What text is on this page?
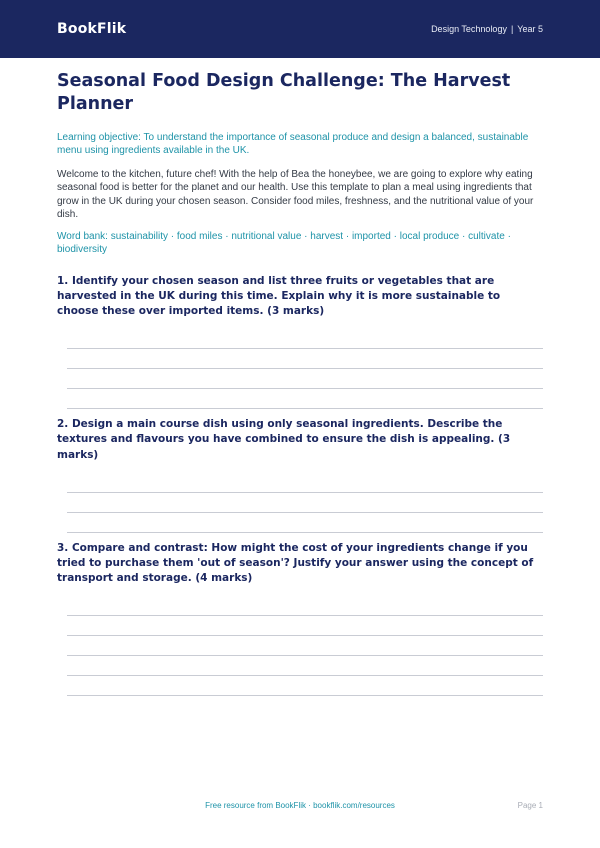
BookFlik	Design Technology | Year 5
Seasonal Food Design Challenge: The Harvest Planner

Learning objective: To understand the importance of seasonal produce and design a balanced, sustainable menu using ingredients available in the UK.

Welcome to the kitchen, future chef! With the help of Bea the honeybee, we are going to explore why eating seasonal food is better for the planet and our health. Use this template to plan a meal using ingredients that grow in the UK during your chosen season. Consider food miles, freshness, and the nutritional value of your dish.

Word bank: sustainability · food miles · nutritional value · harvest · imported · local produce · cultivate · biodiversity

1. Identify your chosen season and list three fruits or vegetables that are harvested in the UK during this time. Explain why it is more sustainable to choose these over imported items. (3 marks)

2. Design a main course dish using only seasonal ingredients. Describe the textures and flavours you have combined to ensure the dish is appealing. (3 marks)

3. Compare and contrast: How might the cost of your ingredients change if you tried to purchase them 'out of season'? Justify your answer using the concept of transport and storage. (4 marks)

Free resource from BookFlik · bookflik.com/resources	Page 1
